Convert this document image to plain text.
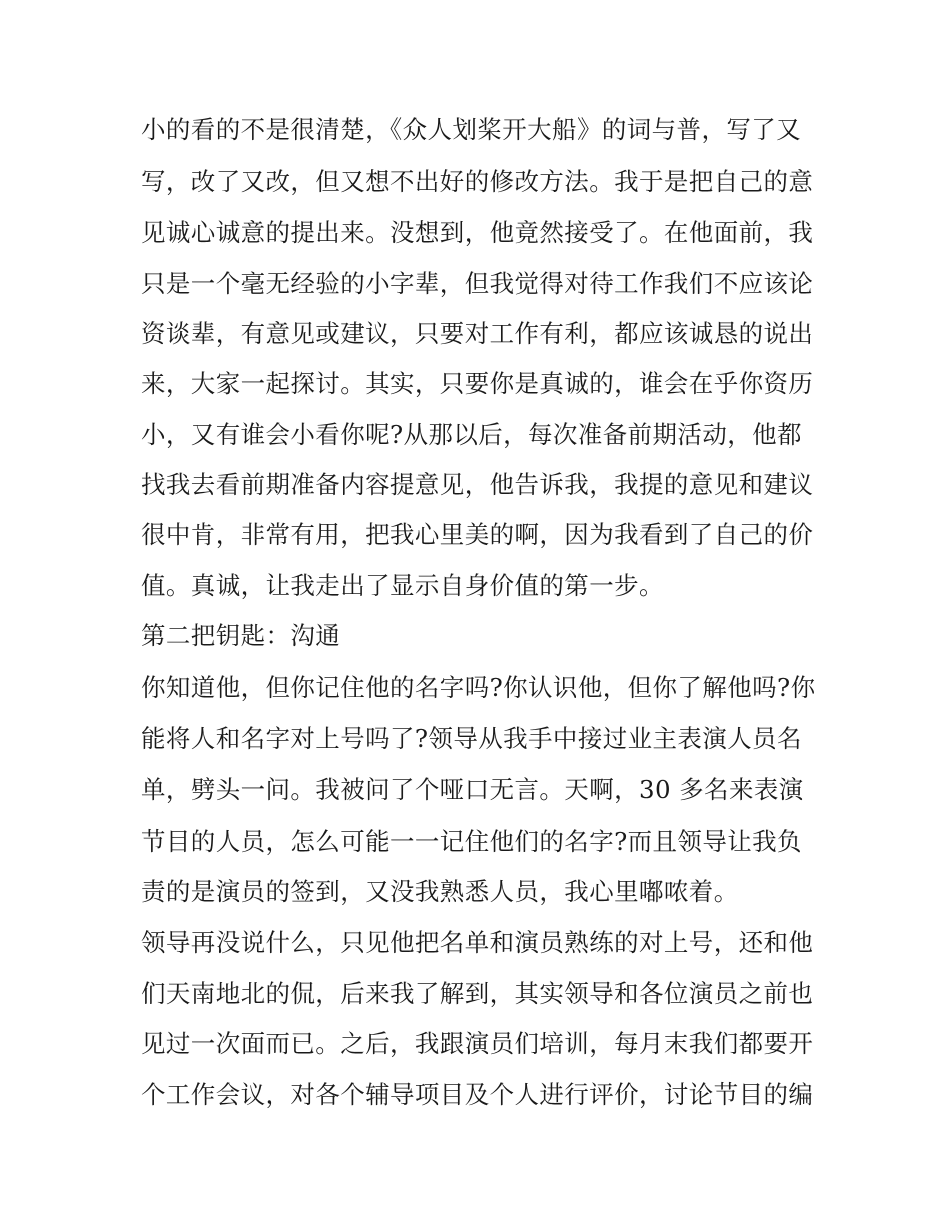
小的看的不是很清楚，《众人划桨开大船》的词与普，写了又
写，改了又改，但又想不出好的修改方法。我于是把自己的意
见诚心诚意的提出来。没想到，他竟然接受了。在他面前，我
只是一个毫无经验的小字辈，但我觉得对待工作我们不应该论
资谈辈，有意见或建议，只要对工作有利，都应该诚恳的说出
来，大家一起探讨。其实，只要你是真诚的，谁会在乎你资历
小，又有谁会小看你呢?从那以后，每次准备前期活动，他都
找我去看前期准备内容提意见，他告诉我，我提的意见和建议
很中肯，非常有用，把我心里美的啊，因为我看到了自己的价
值。真诚，让我走出了显示自身价值的第一步。
第二把钥匙：沟通
你知道他，但你记住他的名字吗?你认识他，但你了解他吗?你
能将人和名字对上号吗了?领导从我手中接过业主表演人员名
单，劈头一问。我被问了个哑口无言。天啊，30 多名来表演
节目的人员，怎么可能一一记住他们的名字?而且领导让我负
责的是演员的签到，又没我熟悉人员，我心里嘟哝着。
领导再没说什么，只见他把名单和演员熟练的对上号，还和他
们天南地北的侃，后来我了解到，其实领导和各位演员之前也
见过一次面而已。之后，我跟演员们培训，每月末我们都要开
个工作会议，对各个辅导项目及个人进行评价，讨论节目的编
